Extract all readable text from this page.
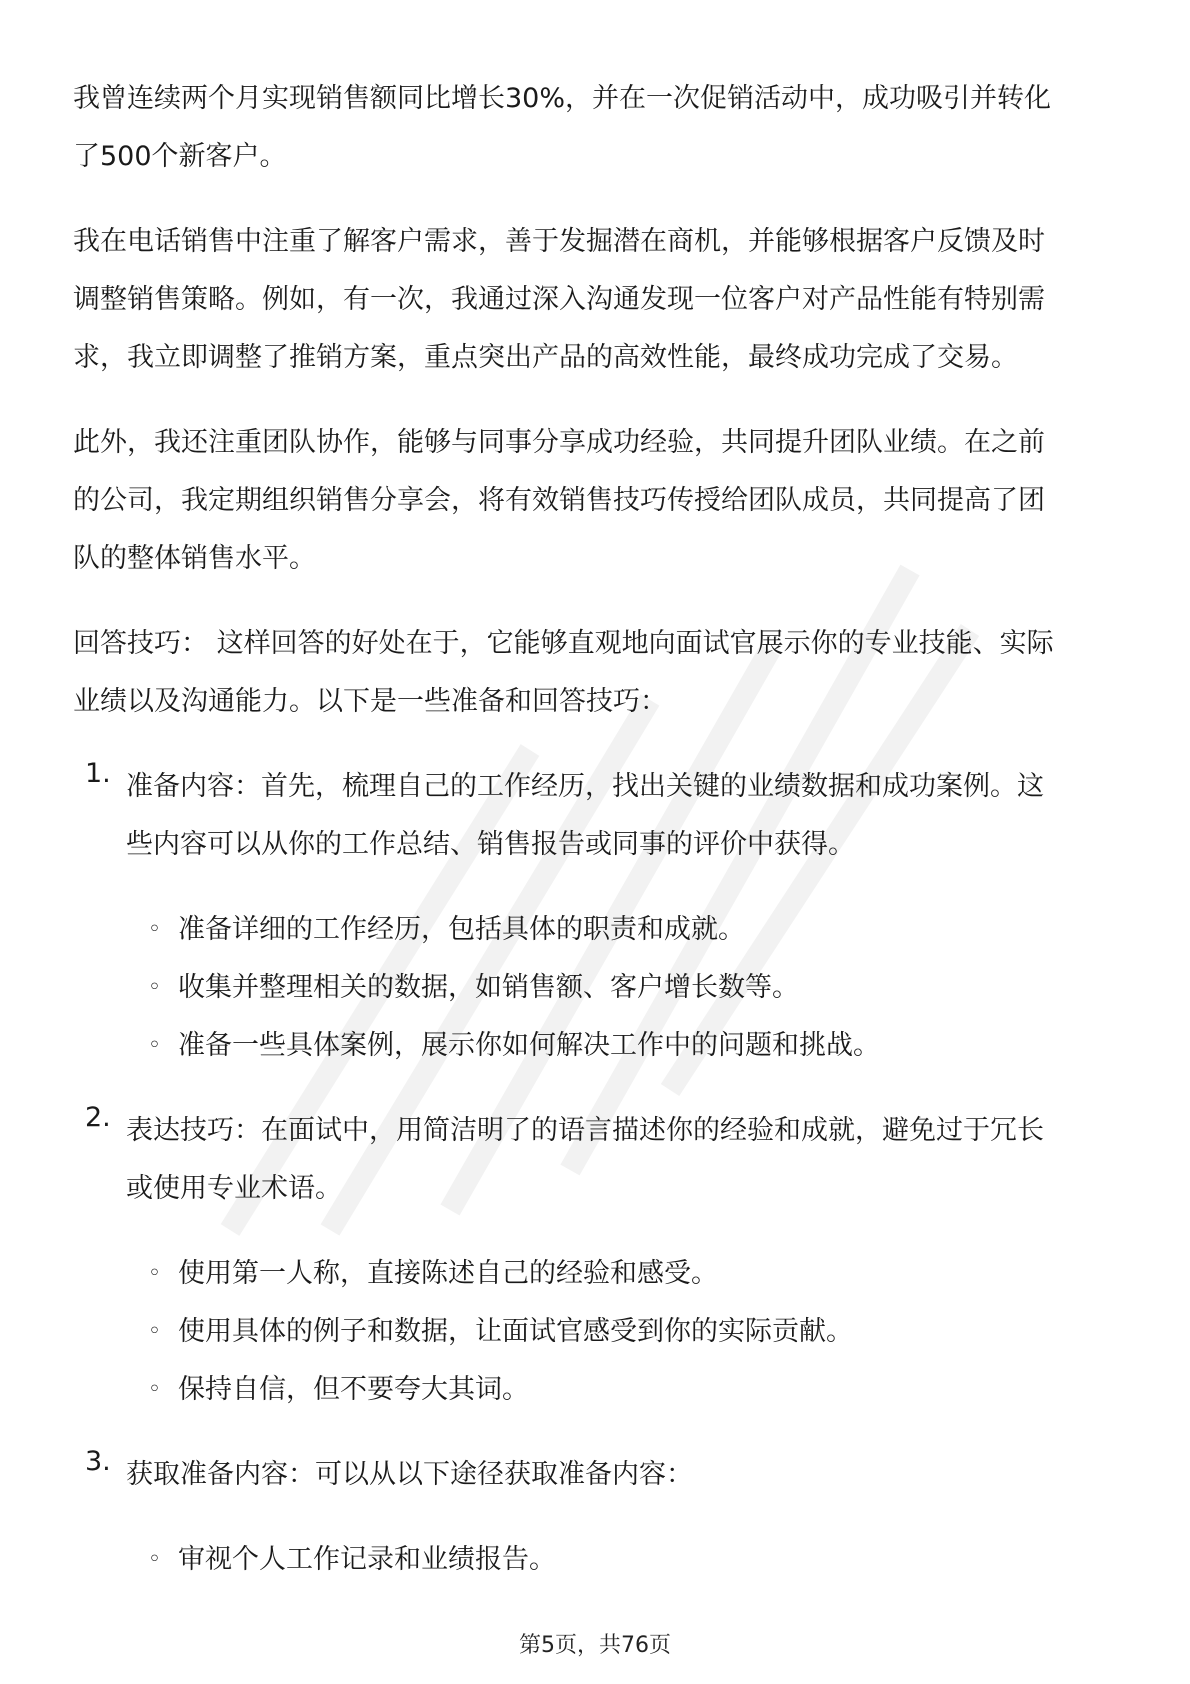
我曾连续两个月实现销售额同比增长30%，并在一次促销活动中，成功吸引并转化
了500个新客户。
我在电话销售中注重了解客户需求，善于发掘潜在商机，并能够根据客户反馈及时
调整销售策略。例如，有一次，我通过深入沟通发现一位客户对产品性能有特别需
求，我立即调整了推销方案，重点突出产品的高效性能，最终成功完成了交易。
此外，我还注重团队协作，能够与同事分享成功经验，共同提升团队业绩。在之前
的公司，我定期组织销售分享会，将有效销售技巧传授给团队成员，共同提高了团
队的整体销售水平。
回答技巧： 这样回答的好处在于，它能够直观地向面试官展示你的专业技能、实际
业绩以及沟通能力。以下是一些准备和回答技巧：
1. 准备内容：首先，梳理自己的工作经历，找出关键的业绩数据和成功案例。这
些内容可以从你的工作总结、销售报告或同事的评价中获得。
◦ 准备详细的工作经历，包括具体的职责和成就。
◦ 收集并整理相关的数据，如销售额、客户增长数等。
◦ 准备一些具体案例，展示你如何解决工作中的问题和挑战。
2. 表达技巧：在面试中，用简洁明了的语言描述你的经验和成就，避免过于冗长
或使用专业术语。
◦ 使用第一人称，直接陈述自己的经验和感受。
◦ 使用具体的例子和数据，让面试官感受到你的实际贡献。
◦ 保持自信，但不要夸大其词。
3. 获取准备内容：可以从以下途径获取准备内容：
◦ 审视个人工作记录和业绩报告。
第5页，共76页
